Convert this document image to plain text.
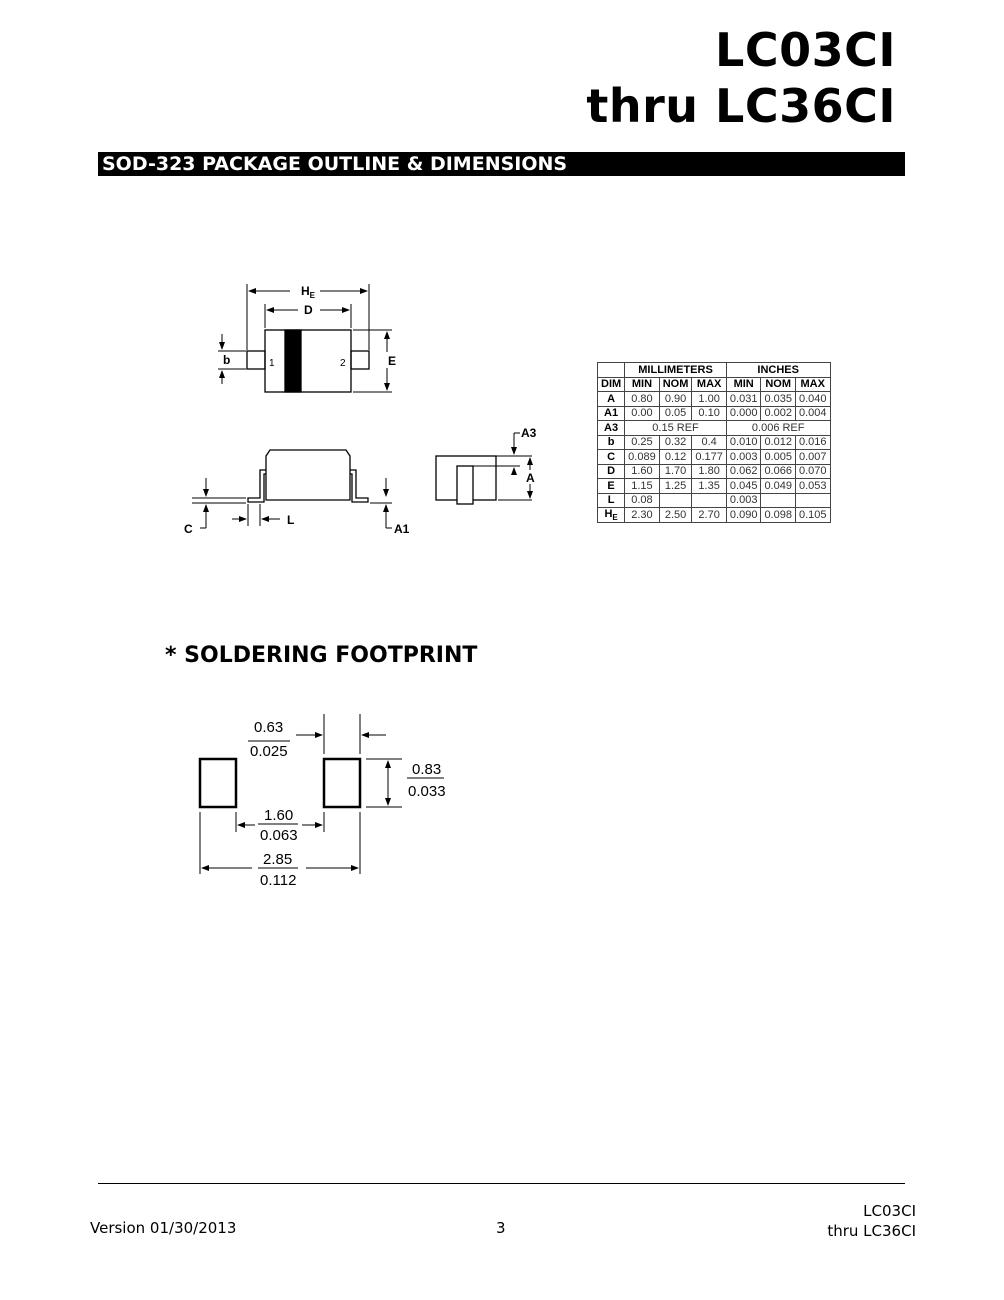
LC03CI
thru LC36CI
SOD-323 PACKAGE OUTLINE & DIMENSIONS
1	2
$H_E$
D
b	E
C
L
A1
A3
A
	MILLIMETERS			INCHES		
DIM	MIN	NOM	MAX	MIN	NOM	MAX
A	0.80	0.90	1.00	0.031	0.035	0.040
A1	0.00	0.05	0.10	0.000	0.002	0.004
A3	0.15 REF			0.006 REF		
b	0.25	0.32	0.4	0.010	0.012	0.016
C	0.089	0.12	0.177	0.003	0.005	0.007
D	1.60	1.70	1.80	0.062	0.066	0.070
E	1.15	1.25	1.35	0.045	0.049	0.053
L	0.08			0.003		
$H_E$	2.30	2.50	2.70	0.090	0.098	0.105
* SOLDERING FOOTPRINT
0.63
0.025
0.83
0.033
1.60
0.063
2.85
0.112
Version 01/30/2013	3
LC03CI
thru LC36CI
